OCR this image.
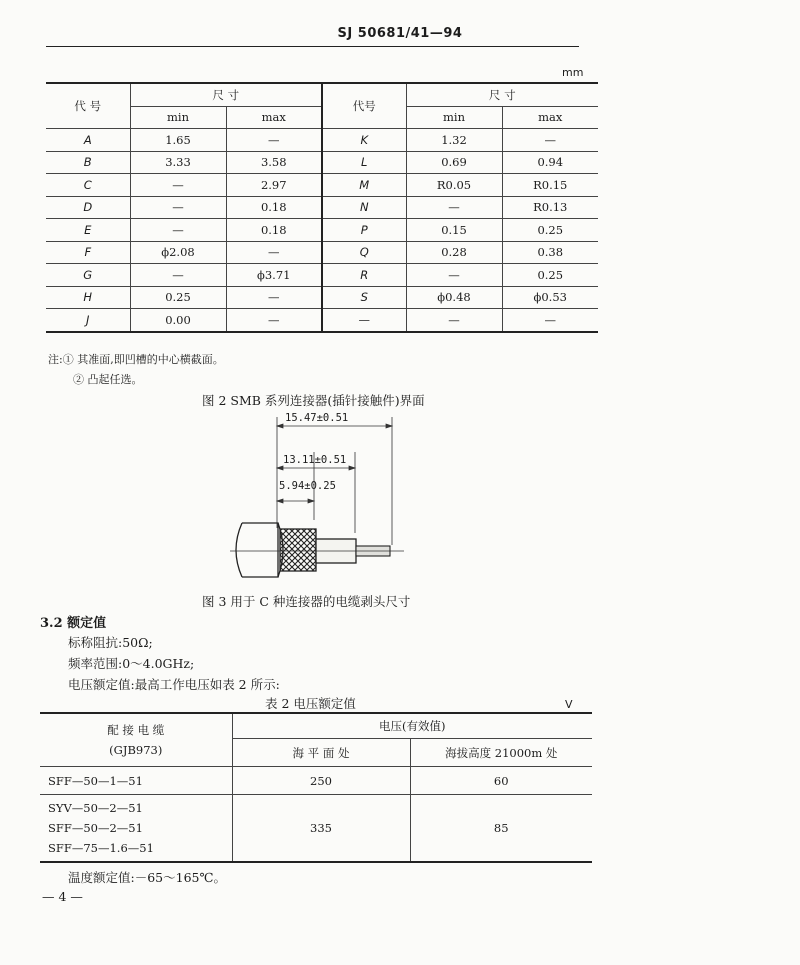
SJ 50681/41—94
mm
代 号	尺 寸		代号	尺 寸	
	min	max		min	max
A	1.65	—	K	1.32	—
B	3.33	3.58	L	0.69	0.94
C	—	2.97	M	R0.05	R0.15
D	—	0.18	N	—	R0.13
E	—	0.18	P	0.15	0.25
F	ϕ2.08	—	Q	0.28	0.38
G	—	ϕ3.71	R	—	0.25
H	0.25	—	S	ϕ0.48	ϕ0.53
J	0.00	—	—	—	—
注:① 其准面,即凹槽的中心横截面。
② 凸起任选。
图 2 SMB 系列连接器(插针接触件)界面
15.47±0.51
13.11±0.51
5.94±0.25
图 3 用于 C 种连接器的电缆剥头尺寸
3.2 额定值
标称阻抗:50Ω;
频率范围:0～4.0GHz;
电压额定值:最高工作电压如表 2 所示:
表 2 电压额定值	V
配 接 电 缆
(GJB973)	电压(有效值)	
	海 平 面 处	海拔高度 21000m 处
SFF—50—1—51	250	60

SYV—50—2—51
SFF—50—2—51
SFF—75—1.6—51	335	85
温度额定值:－65～165℃。
— 4 —
